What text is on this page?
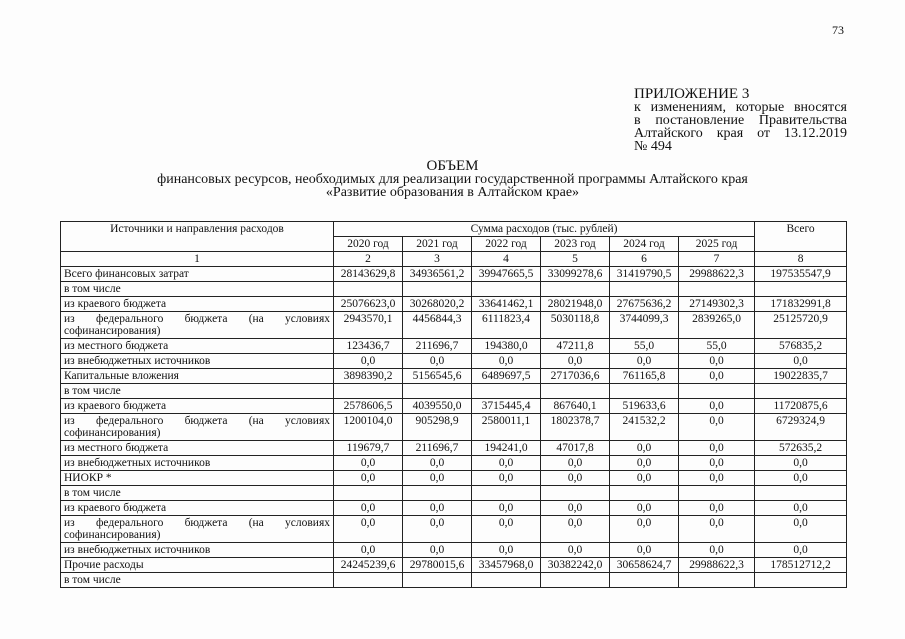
73
ПРИЛОЖЕНИЕ 3
к изменениям, которые вносятся
в постановление Правительства
Алтайского края от 13.12.2019
№ 494
ОБЪЕМ
финансовых ресурсов, необходимых для реализации государственной программы Алтайского края
«Развитие образования в Алтайском крае»
Источники и направления расходов	Сумма расходов (тыс. рублей)						Всего
	2020 год	2021 год	2022 год	2023 год	2024 год	2025 год	
1	2	3	4	5	6	7	8
Всего финансовых затрат	28143629,8	34936561,2	39947665,5	33099278,6	31419790,5	29988622,3	197535547,9
в том числе							
из краевого бюджета	25076623,0	30268020,2	33641462,1	28021948,0	27675636,2	27149302,3	171832991,8
из федерального бюджета (на условиях софинансирования)	2943570,1	4456844,3	6111823,4	5030118,8	3744099,3	2839265,0	25125720,9
из местного бюджета	123436,7	211696,7	194380,0	47211,8	55,0	55,0	576835,2
из внебюджетных источников	0,0	0,0	0,0	0,0	0,0	0,0	0,0
Капитальные вложения	3898390,2	5156545,6	6489697,5	2717036,6	761165,8	0,0	19022835,7
в том числе							
из краевого бюджета	2578606,5	4039550,0	3715445,4	867640,1	519633,6	0,0	11720875,6
из федерального бюджета (на условиях софинансирования)	1200104,0	905298,9	2580011,1	1802378,7	241532,2	0,0	6729324,9
из местного бюджета	119679,7	211696,7	194241,0	47017,8	0,0	0,0	572635,2
из внебюджетных источников	0,0	0,0	0,0	0,0	0,0	0,0	0,0
НИОКР *	0,0	0,0	0,0	0,0	0,0	0,0	0,0
в том числе							
из краевого бюджета	0,0	0,0	0,0	0,0	0,0	0,0	0,0
из федерального бюджета (на условиях софинансирования)	0,0	0,0	0,0	0,0	0,0	0,0	0,0
из внебюджетных источников	0,0	0,0	0,0	0,0	0,0	0,0	0,0
Прочие расходы	24245239,6	29780015,6	33457968,0	30382242,0	30658624,7	29988622,3	178512712,2
в том числе							
